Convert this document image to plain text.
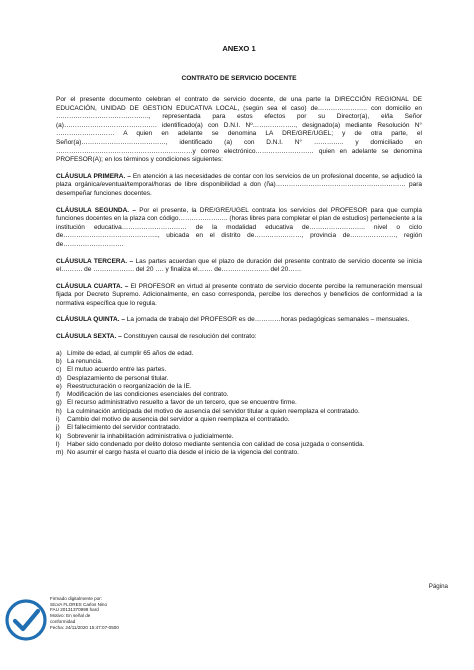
ANEXO 1
CONTRATO DE SERVICIO DOCENTE

Por el presente documento celebran el contrato de servicio docente, de una parte la DIRECCIÓN REGIONAL DE EDUCACIÓN, UNIDAD DE GESTION EDUCATIVA LOCAL, (según sea el caso) de………………….. con domicilio en ……………………………………., representada para estos efectos por su Director(a), el/la Señor (a)……………………………………. identificado(a) con D.N.I. Nº……………….., designado(a) mediante Resolución N° ……………………… A quien en adelante se denomina LA DRE/GRE/UGEL; y de otra parte, el Señor(a)…………………………………, identificado (a) con D.N.I. N° ………….. y domiciliado en ………………………………………………………y correo electrónico……………………… quien en adelante se denomina PROFESOR(A); en los términos y condiciones siguientes:

CLÁUSULA PRIMERA. – En atención a las necesidades de contar con los servicios de un profesional docente, se adjudicó la plaza orgánica/eventual/temporal/horas de libre disponibilidad a don (ña)…………………………………………………… para desempeñar funciones docentes.

CLÁUSULA SEGUNDA. – Por el presente, la DRE/GRE/UGEL contrata los servicios del PROFESOR para que cumpla funciones docentes en la plaza con código………………….. (horas libres para completar el plan de estudios) perteneciente a la institución educativa………………………… de la modalidad educativa de…………………….. nivel o ciclo de…………………………………….., ubicada en el distrito de………….………, provincia de…………………, región de……………………….

CLÁUSULA TERCERA. – Las partes acuerdan que el plazo de duración del presente contrato de servicio docente se inicia el………. de ………………. del 20 …. y finaliza el……. de…………………. del 20……

CLÁUSULA CUARTA. – El PROFESOR en virtud al presente contrato de servicio docente percibe la remuneración mensual fijada por Decreto Supremo. Adicionalmente, en caso corresponda, percibe los derechos y beneficios de conformidad a la normativa específica que lo regula.

CLÁUSULA QUINTA. – La jornada de trabajo del PROFESOR es de…………horas pedagógicas semanales – mensuales.

CLÁUSULA SEXTA. – Constituyen causal de resolución del contrato:

a) Límite de edad, al cumplir 65 años de edad.
b) La renuncia.
c) El mutuo acuerdo entre las partes.
d) Desplazamiento de personal titular.
e) Reestructuración o reorganización de la IE.
f)	Modificación de las condiciones esenciales del contrato.
g) El recurso administrativo resuelto a favor de un tercero, que se encuentre firme.
h) La culminación anticipada del motivo de ausencia del servidor titular a quien reemplaza el contratado.
i)	Cambio del motivo de ausencia del servidor a quien reemplaza el contratado.
j)	El fallecimiento del servidor contratado.
k) Sobrevenir la inhabilitación administrativa o judicialmente.
l)	Haber sido condenado por delito doloso mediante sentencia con calidad de cosa juzgada o consentida.
m) No asumir el cargo hasta el cuarto día desde el inicio de la vigencia del contrato.
Página
Firmado digitalmente por:
SILVA FLORES Carlos Nino
FAU 20131370998 hard
Motivo: En señal de
conformidad
Fecha: 24/11/2020 15:47:07-0500
